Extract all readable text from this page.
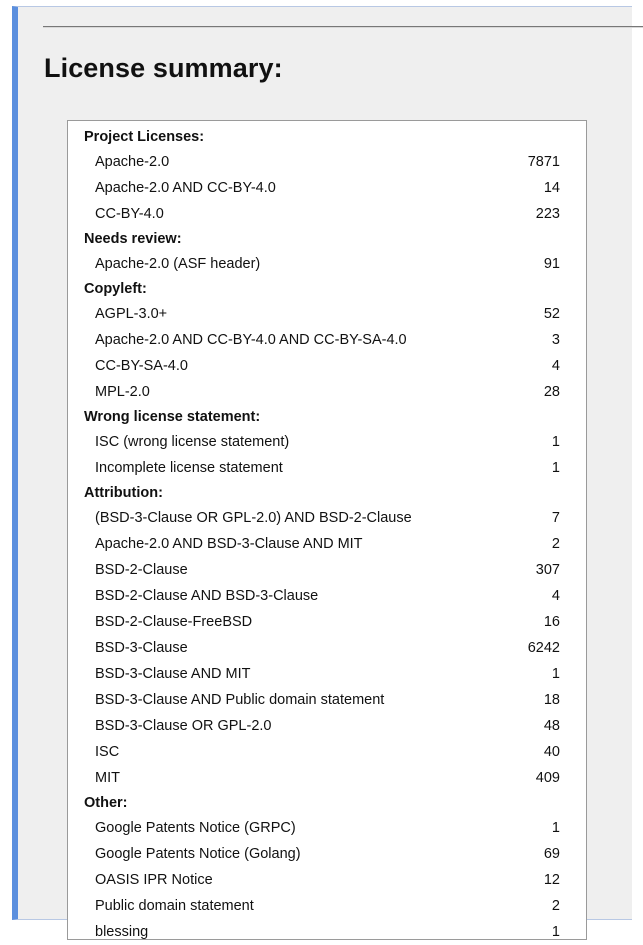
License summary:
Project Licenses:
Apache-2.0	7871
Apache-2.0 AND CC-BY-4.0	14
CC-BY-4.0	223
Needs review:
Apache-2.0 (ASF header)	91
Copyleft:
AGPL-3.0+	52
Apache-2.0 AND CC-BY-4.0 AND CC-BY-SA-4.0	3
CC-BY-SA-4.0	4
MPL-2.0	28
Wrong license statement:
ISC (wrong license statement)	1
Incomplete license statement	1
Attribution:
(BSD-3-Clause OR GPL-2.0) AND BSD-2-Clause	7
Apache-2.0 AND BSD-3-Clause AND MIT	2
BSD-2-Clause	307
BSD-2-Clause AND BSD-3-Clause	4
BSD-2-Clause-FreeBSD	16
BSD-3-Clause	6242
BSD-3-Clause AND MIT	1
BSD-3-Clause AND Public domain statement	18
BSD-3-Clause OR GPL-2.0	48
ISC	40
MIT	409
Other:
Google Patents Notice (GRPC)	1
Google Patents Notice (Golang)	69
OASIS IPR Notice	12
Public domain statement	2
blessing	1
